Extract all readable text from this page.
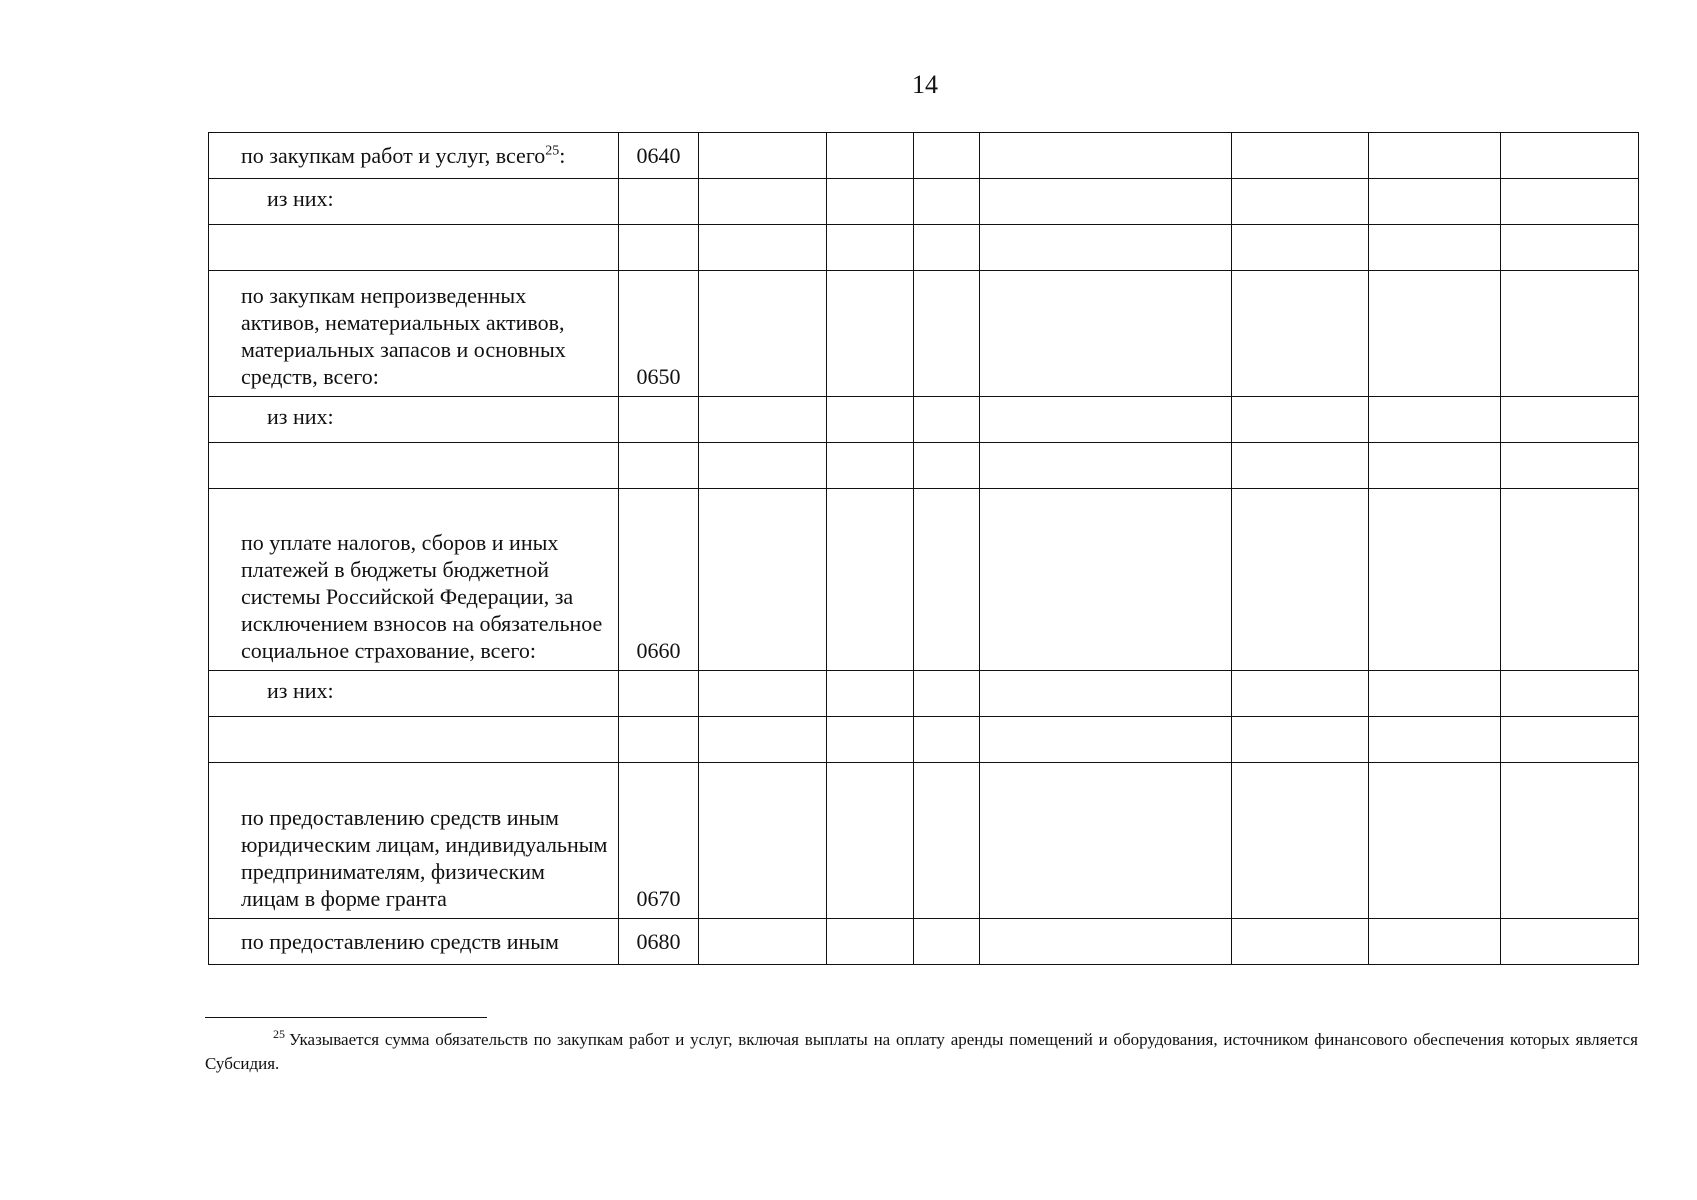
14
по закупкам работ и услуг, всего$^{25}$:	0640							
из них:								

по закупкам непроизведенных активов, нематериальных активов, материальных запасов и основных средств, всего:	0650							
из них:								

по уплате налогов, сборов и иных платежей в бюджеты бюджетной системы Российской Федерации, за исключением взносов на обязательное социальное страхование, всего:	0660							
из них:								

по предоставлению средств иным юридическим лицам, индивидуальным предпринимателям, физическим лицам в форме гранта	0670							
по предоставлению средств иным	0680							
$^{25}$ Указывается сумма обязательств по закупкам работ и услуг, включая выплаты на оплату аренды помещений и оборудования, источником финансового обеспечения которых является Субсидия.
